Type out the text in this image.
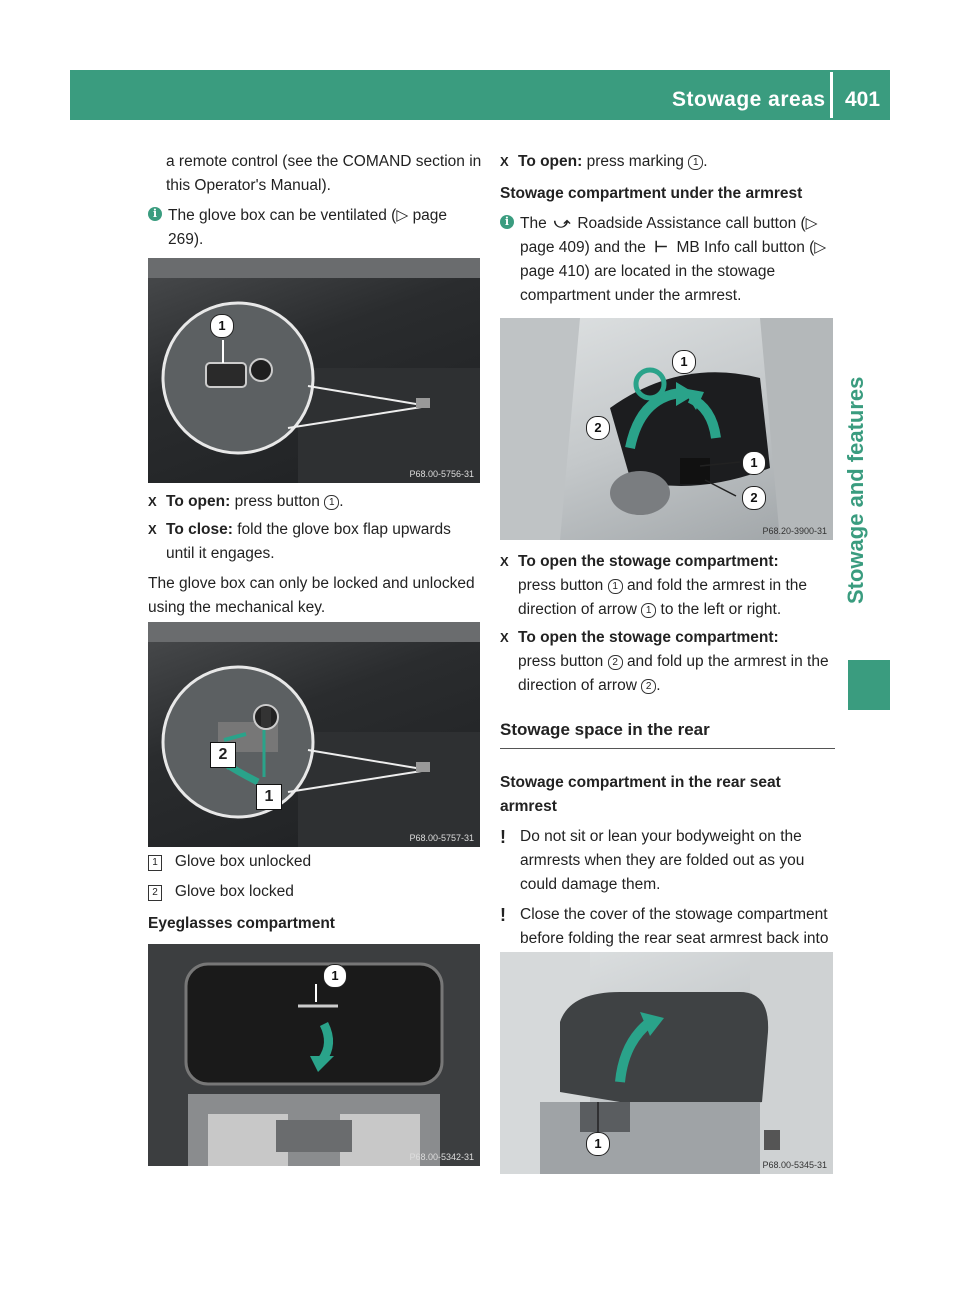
Stowage areas 401
Stowage and features

a remote control (see the COMAND section in this Operator's Manual).

i The glove box can be ventilated (▷ page 269).

1
P68.00-5756-31
X To open: press button 1 .
X To close: fold the glove box flap upwards until it engages.

The glove box can only be locked and unlocked using the mechanical key.

2
1
P68.00-5757-31

1 Glove box unlocked

2 Glove box locked

Eyeglasses compartment

1
P68.00-5342-31
X To open: press marking 1 .

Stowage compartment under the armrest

i The ⤻ Roadside Assistance call button (▷ page 409) and the ⊢ MB Info call button (▷ page 410) are located in the stowage compartment under the armrest.

1
2
1
2
P68.20-3900-31
X To open the stowage compartment:
press button 1 and fold the armrest in the direction of arrow 1 to the left or right.
X To open the stowage compartment:
press button 2 and fold up the armrest in the direction of arrow 2 .
Stowage space in the rear

Stowage compartment in the rear seat armrest

! Do not sit or lean your bodyweight on the armrests when they are folded out as you could damage them.

! Close the cover of the stowage compartment before folding the rear seat armrest back into

1
P68.00-5345-31
